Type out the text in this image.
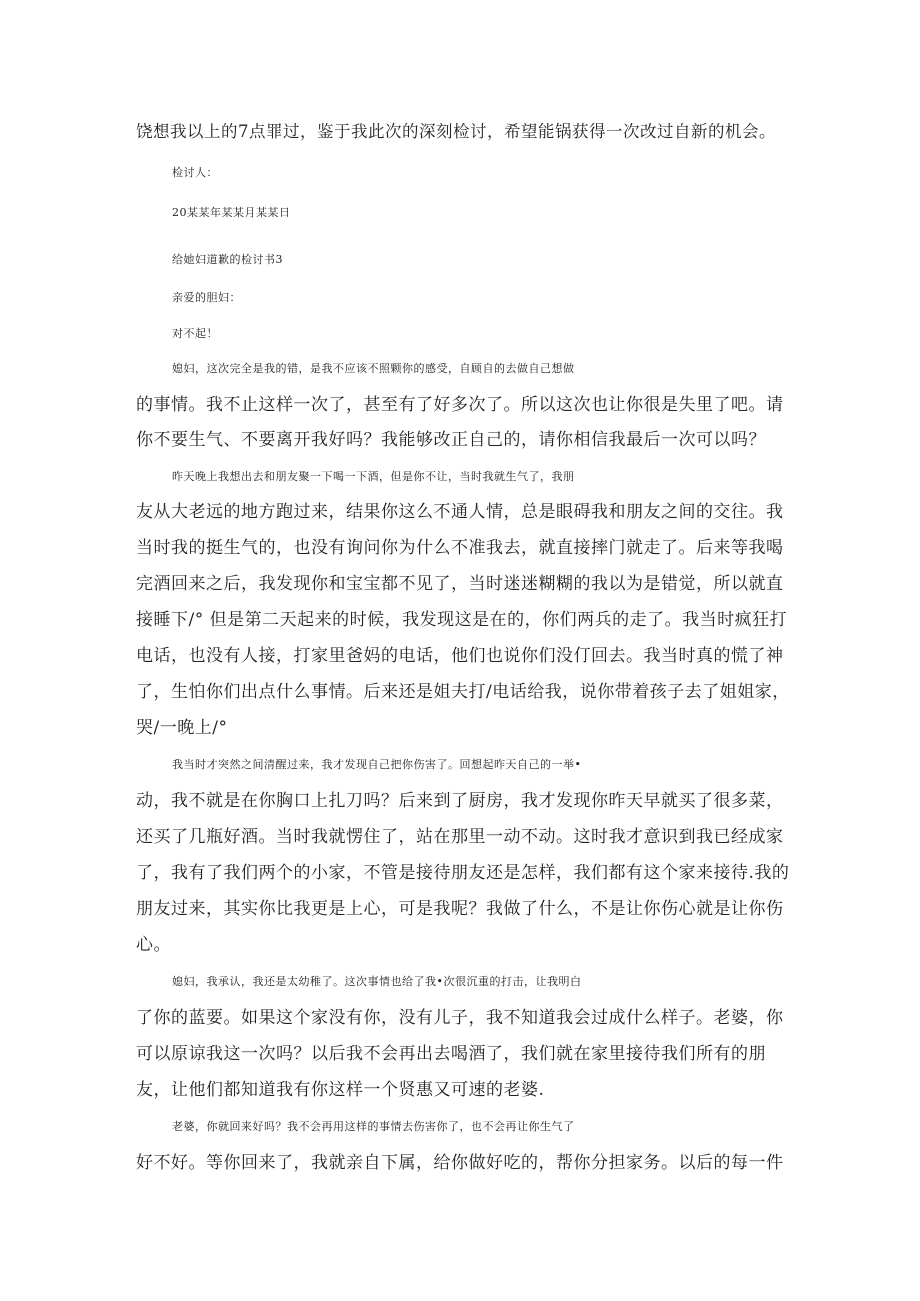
饶想我以上的7点罪过，鉴于我此次的深刻检讨，希望能锅获得一次改过自新的机会。
检讨人：
20某某年某某月某某日
给她妇道歉的检讨书3
亲爱的胆妇：
对不起！
媳妇，这次完全是我的错，是我不应该不照颗你的感受，自顾自的去做自己想做
的事情。我不止这样一次了，甚至有了好多次了。所以这次也让你很是失里了吧。请
你不要生气、不要离开我好吗？我能够改正自己的，请你相信我最后一次可以吗？
昨天晚上我想出去和朋友聚一下喝一下酒，但是你不让，当时我就生气了，我朋
友从大老远的地方跑过来，结果你这么不通人情，总是眼碍我和朋友之间的交往。我
当时我的挺生气的，也没有询问你为什么不准我去，就直接摔门就走了。后来等我喝
完酒回来之后，我发现你和宝宝都不见了，当时迷迷糊糊的我以为是错觉，所以就直
接睡下/° 但是第二天起来的时候，我发现这是在的，你们两兵的走了。我当时疯狂打
电话，也没有人接，打家里爸妈的电话，他们也说你们没仃回去。我当时真的慌了神
了，生怕你们出点什么事情。后来还是姐夫打/电话给我，说你带着孩子去了姐姐家，
哭/一晚上/°
我当时才突然之间清醒过来，我才发现自己把你伤害了。回想起昨天自己的一举•
动，我不就是在你胸口上扎刀吗？后来到了厨房，我才发现你昨天早就买了很多菜，
还买了几瓶好酒。当时我就愣住了，站在那里一动不动。这时我才意识到我已经成家
了，我有了我们两个的小家，不管是接待朋友还是怎样，我们都有这个家来接待.我的
朋友过来，其实你比我更是上心，可是我呢？我做了什么，不是让你伤心就是让你伤
心。
媳妇，我承认，我还是太幼稚了。这次事情也给了我•次很沉重的打击，让我明白
了你的蓝要。如果这个家没有你，没有儿子，我不知道我会过成什么样子。老婆，你
可以原谅我这一次吗？以后我不会再出去喝酒了，我们就在家里接待我们所有的朋
友，让他们都知道我有你这样一个贤惠又可速的老婆.
老婆，你就回来好吗？我不会再用这样的事情去伤害你了，也不会再让你生气了
好不好。等你回来了，我就亲自下属，给你做好吃的，帮你分担家务。以后的每一件
